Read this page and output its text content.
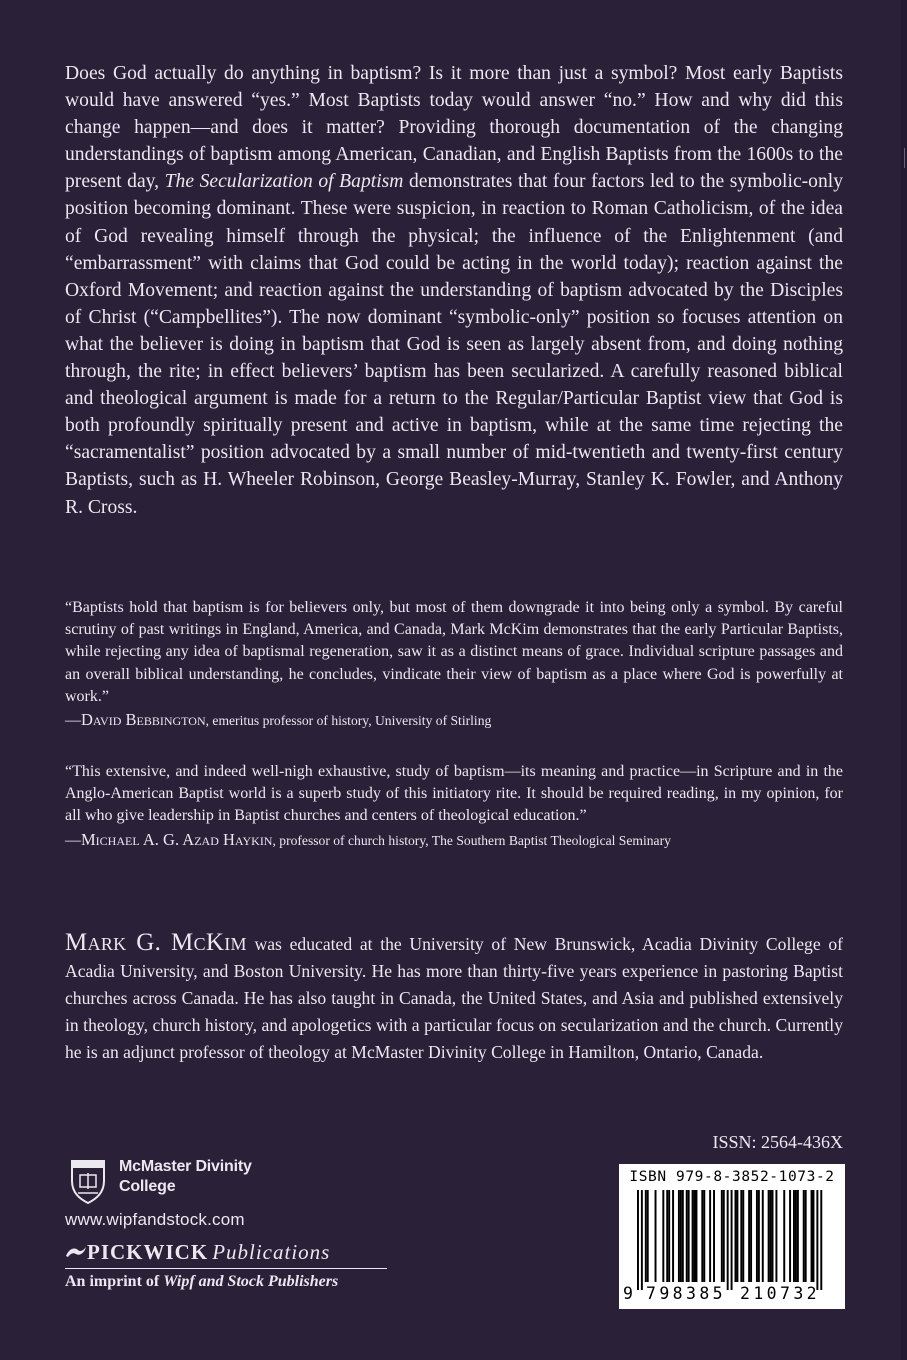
Does God actually do anything in baptism? Is it more than just a symbol? Most early Baptists would have answered “yes.” Most Baptists today would answer “no.” How and why did this change happen—and does it matter? Providing thorough documentation of the changing understandings of baptism among American, Canadian, and English Baptists from the 1600s to the present day, The Secularization of Baptism demonstrates that four factors led to the symbolic-only position becoming dominant. These were suspicion, in reaction to Roman Catholicism, of the idea of God revealing himself through the physical; the influence of the Enlightenment (and “embarrassment” with claims that God could be acting in the world today); reaction against the Oxford Movement; and reaction against the understanding of baptism advocated by the Disciples of Christ (“Campbellites”). The now dominant “symbolic-only” position so focuses attention on what the believer is doing in baptism that God is seen as largely absent from, and doing nothing through, the rite; in effect believers’ baptism has been secularized. A carefully reasoned biblical and theological argument is made for a return to the Regular/Particular Baptist view that God is both profoundly spiritually present and active in baptism, while at the same time rejecting the “sacramentalist” position advocated by a small number of mid-twentieth and twenty-first century Baptists, such as H. Wheeler Robinson, George Beasley-Murray, Stanley K. Fowler, and Anthony R. Cross.

“Baptists hold that baptism is for believers only, but most of them downgrade it into being only a symbol. By careful scrutiny of past writings in England, America, and Canada, Mark McKim demonstrates that the early Particular Baptists, while rejecting any idea of baptismal regeneration, saw it as a distinct means of grace. Individual scripture passages and an overall biblical understanding, he concludes, vindicate their view of baptism as a place where God is powerfully at work.”
—David Bebbington, emeritus professor of history, University of Stirling

“This extensive, and indeed well-nigh exhaustive, study of baptism—its meaning and practice—in Scripture and in the Anglo-American Baptist world is a superb study of this initiatory rite. It should be required reading, in my opinion, for all who give leadership in Baptist churches and centers of theological education.”
—Michael A. G. Azad Haykin, professor of church history, The Southern Baptist Theological Seminary

Mark G. McKim was educated at the University of New Brunswick, Acadia Divinity College of Acadia University, and Boston University. He has more than thirty-five years experience in pastoring Baptist churches across Canada. He has also taught in Canada, the United States, and Asia and published extensively in theology, church history, and apologetics with a particular focus on secularization and the church. Currently he is an adjunct professor of theology at McMaster Divinity College in Hamilton, Ontario, Canada.

ISSN: 2564-436X
ISBN 979-8-3852-1073-2
9 798385 210732
McMaster Divinity
College
www.wipfandstock.com
PICKWICK Publications
An imprint of Wipf and Stock Publishers
